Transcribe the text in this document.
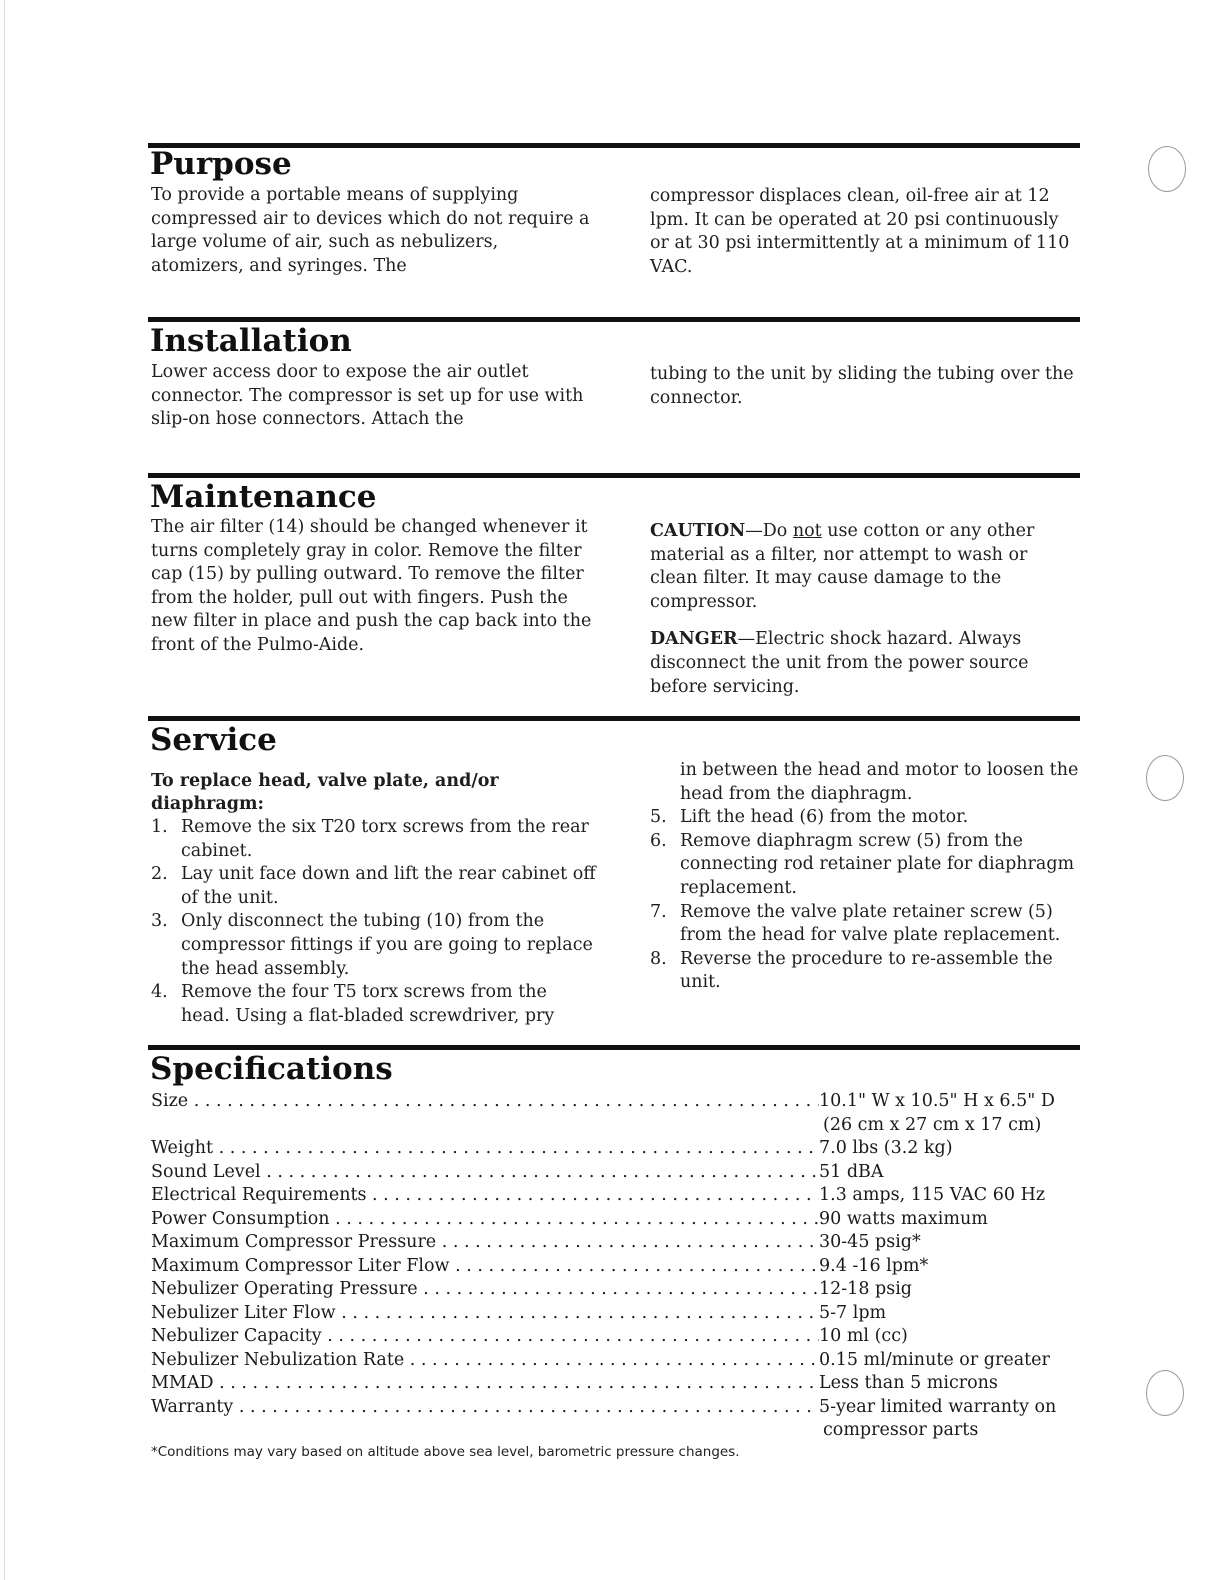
Purpose

To provide a portable means of supplying compressed air to devices which do not require a large volume of air, such as nebulizers, atomizers, and syringes. The

compressor displaces clean, oil-free air at 12 lpm. It can be operated at 20 psi continuously or at 30 psi intermittently at a minimum of 110 VAC.

Installation

Lower access door to expose the air outlet connector. The compressor is set up for use with slip-on hose connectors. Attach the

tubing to the unit by sliding the tubing over the connector.

Maintenance

The air filter (14) should be changed whenever it turns completely gray in color. Remove the filter cap (15) by pulling outward. To remove the filter from the holder, pull out with fingers. Push the new filter in place and push the cap back into the front of the Pulmo-Aide.

CAUTION—Do not use cotton or any other material as a filter, nor attempt to wash or clean filter. It may cause damage to the compressor.

DANGER—Electric shock hazard. Always disconnect the unit from the power source before servicing.

Service

To replace head, valve plate, and/or diaphragm:

1. Remove the six T20 torx screws from the rear cabinet.
2. Lay unit face down and lift the rear cabinet off of the unit.
3. Only disconnect the tubing (10) from the compressor fittings if you are going to replace the head assembly.
4. Remove the four T5 torx screws from the head. Using a flat-bladed screwdriver, pry
in between the head and motor to loosen the head from the diaphragm.
5. Lift the head (6) from the motor.
6. Remove diaphragm screw (5) from the connecting rod retainer plate for diaphragm replacement.
7. Remove the valve plate retainer screw (5) from the head for valve plate replacement.
8. Reverse the procedure to re-assemble the unit.
Specifications
Size . . .	10.1" W x 10.5" H x 6.5" D
(26 cm x 27 cm x 17 cm)
Weight . . .	7.0 lbs (3.2 kg)
Sound Level . . .	51 dBA
Electrical Requirements . . .	1.3 amps, 115 VAC 60 Hz
Power Consumption . . .	90 watts maximum
Maximum Compressor Pressure . . .	30-45 psig*
Maximum Compressor Liter Flow . . .	9.4 -16 lpm*
Nebulizer Operating Pressure . . .	12-18 psig
Nebulizer Liter Flow . . .	5-7 lpm
Nebulizer Capacity . . .	10 ml (cc)
Nebulizer Nebulization Rate . . .	0.15 ml/minute or greater
MMAD . . .	Less than 5 microns
Warranty . . .	5-year limited warranty on
compressor parts
*Conditions may vary based on altitude above sea level, barometric pressure changes.
